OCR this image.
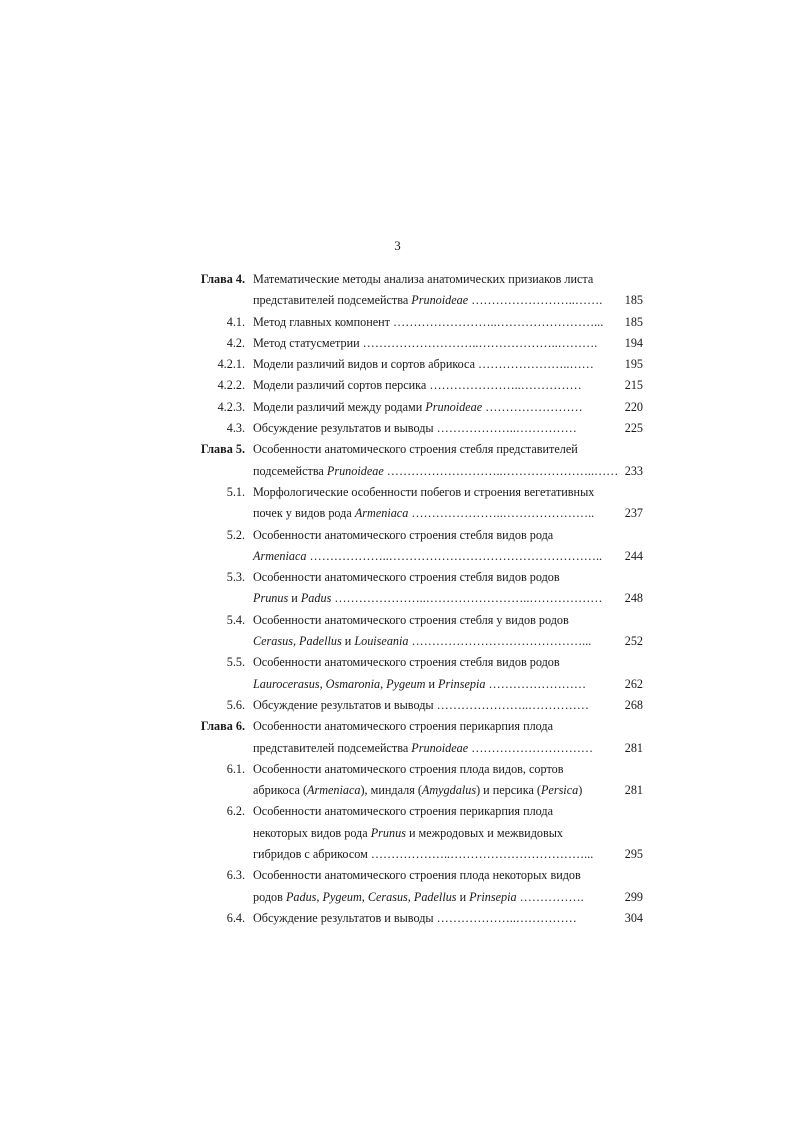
3
Глава 4. Математические методы анализа анатомических призиаков листа
представителей подсемейства Prunoideae ……………………..……. 185
4.1. Метод главных компонент ……………………..……………………... 185
4.2. Метод статусметрии ………………………..………………..………. 194
4.2.1. Модели различий видов и сортов абрикоса …………………..……	195
4.2.2. Модели различий сортов персика …………………..……………	215
4.2.3. Модели различий между родами Prunoideae ……………………	220
4.3. Обсуждение результатов и выводы ………………..……………	225
Глава 5. Особенности анатомического строения стебля представителей
подсемейства Prunoideae ………………………..…………………..…… 233
5.1. Морфологические особенности побегов и строения вегетативных
почек у видов рода Armeniaca …………………..…………………..	237
5.2. Особенности анатомического строения стебля видов рода
Armeniaca ………………..…………………………………………….. 244
5.3. Особенности анатомического строения стебля видов родов
Prunus и Padus …………………..……………………..……………… 248
5.4. Особенности анатомического строения стебля у видов родов
Cerasus, Padellus и Louiseania ……………………………………...	252
5.5. Особенности анатомического строения стебля видов родов
Laurocerasus, Osmaronia, Pygeum и Prinsepia ……………………	262
5.6. Обсуждение результатов и выводы …………………..……………	268
Глава 6. Особенности анатомического строения перикарпия плода
представителей подсемейства Prunoideae …………………………	281
6.1. Особенности анатомического строения плода видов, сортов
абрикоса (Armeniaca), миндаля (Amygdalus) и персика (Persica)	281
6.2. Особенности анатомического строения перикарпия плода
некоторых видов рода Prunus и межродовых и межвидовых
гибридов с абрикосом ………………..……………………………...	295
6.3. Особенности анатомического строения плода некоторых видов
родов Padus, Pygeum, Cerasus, Padellus и Prinsepia …………….	299
6.4. Обсуждение результатов и выводы ………………..……………	304
